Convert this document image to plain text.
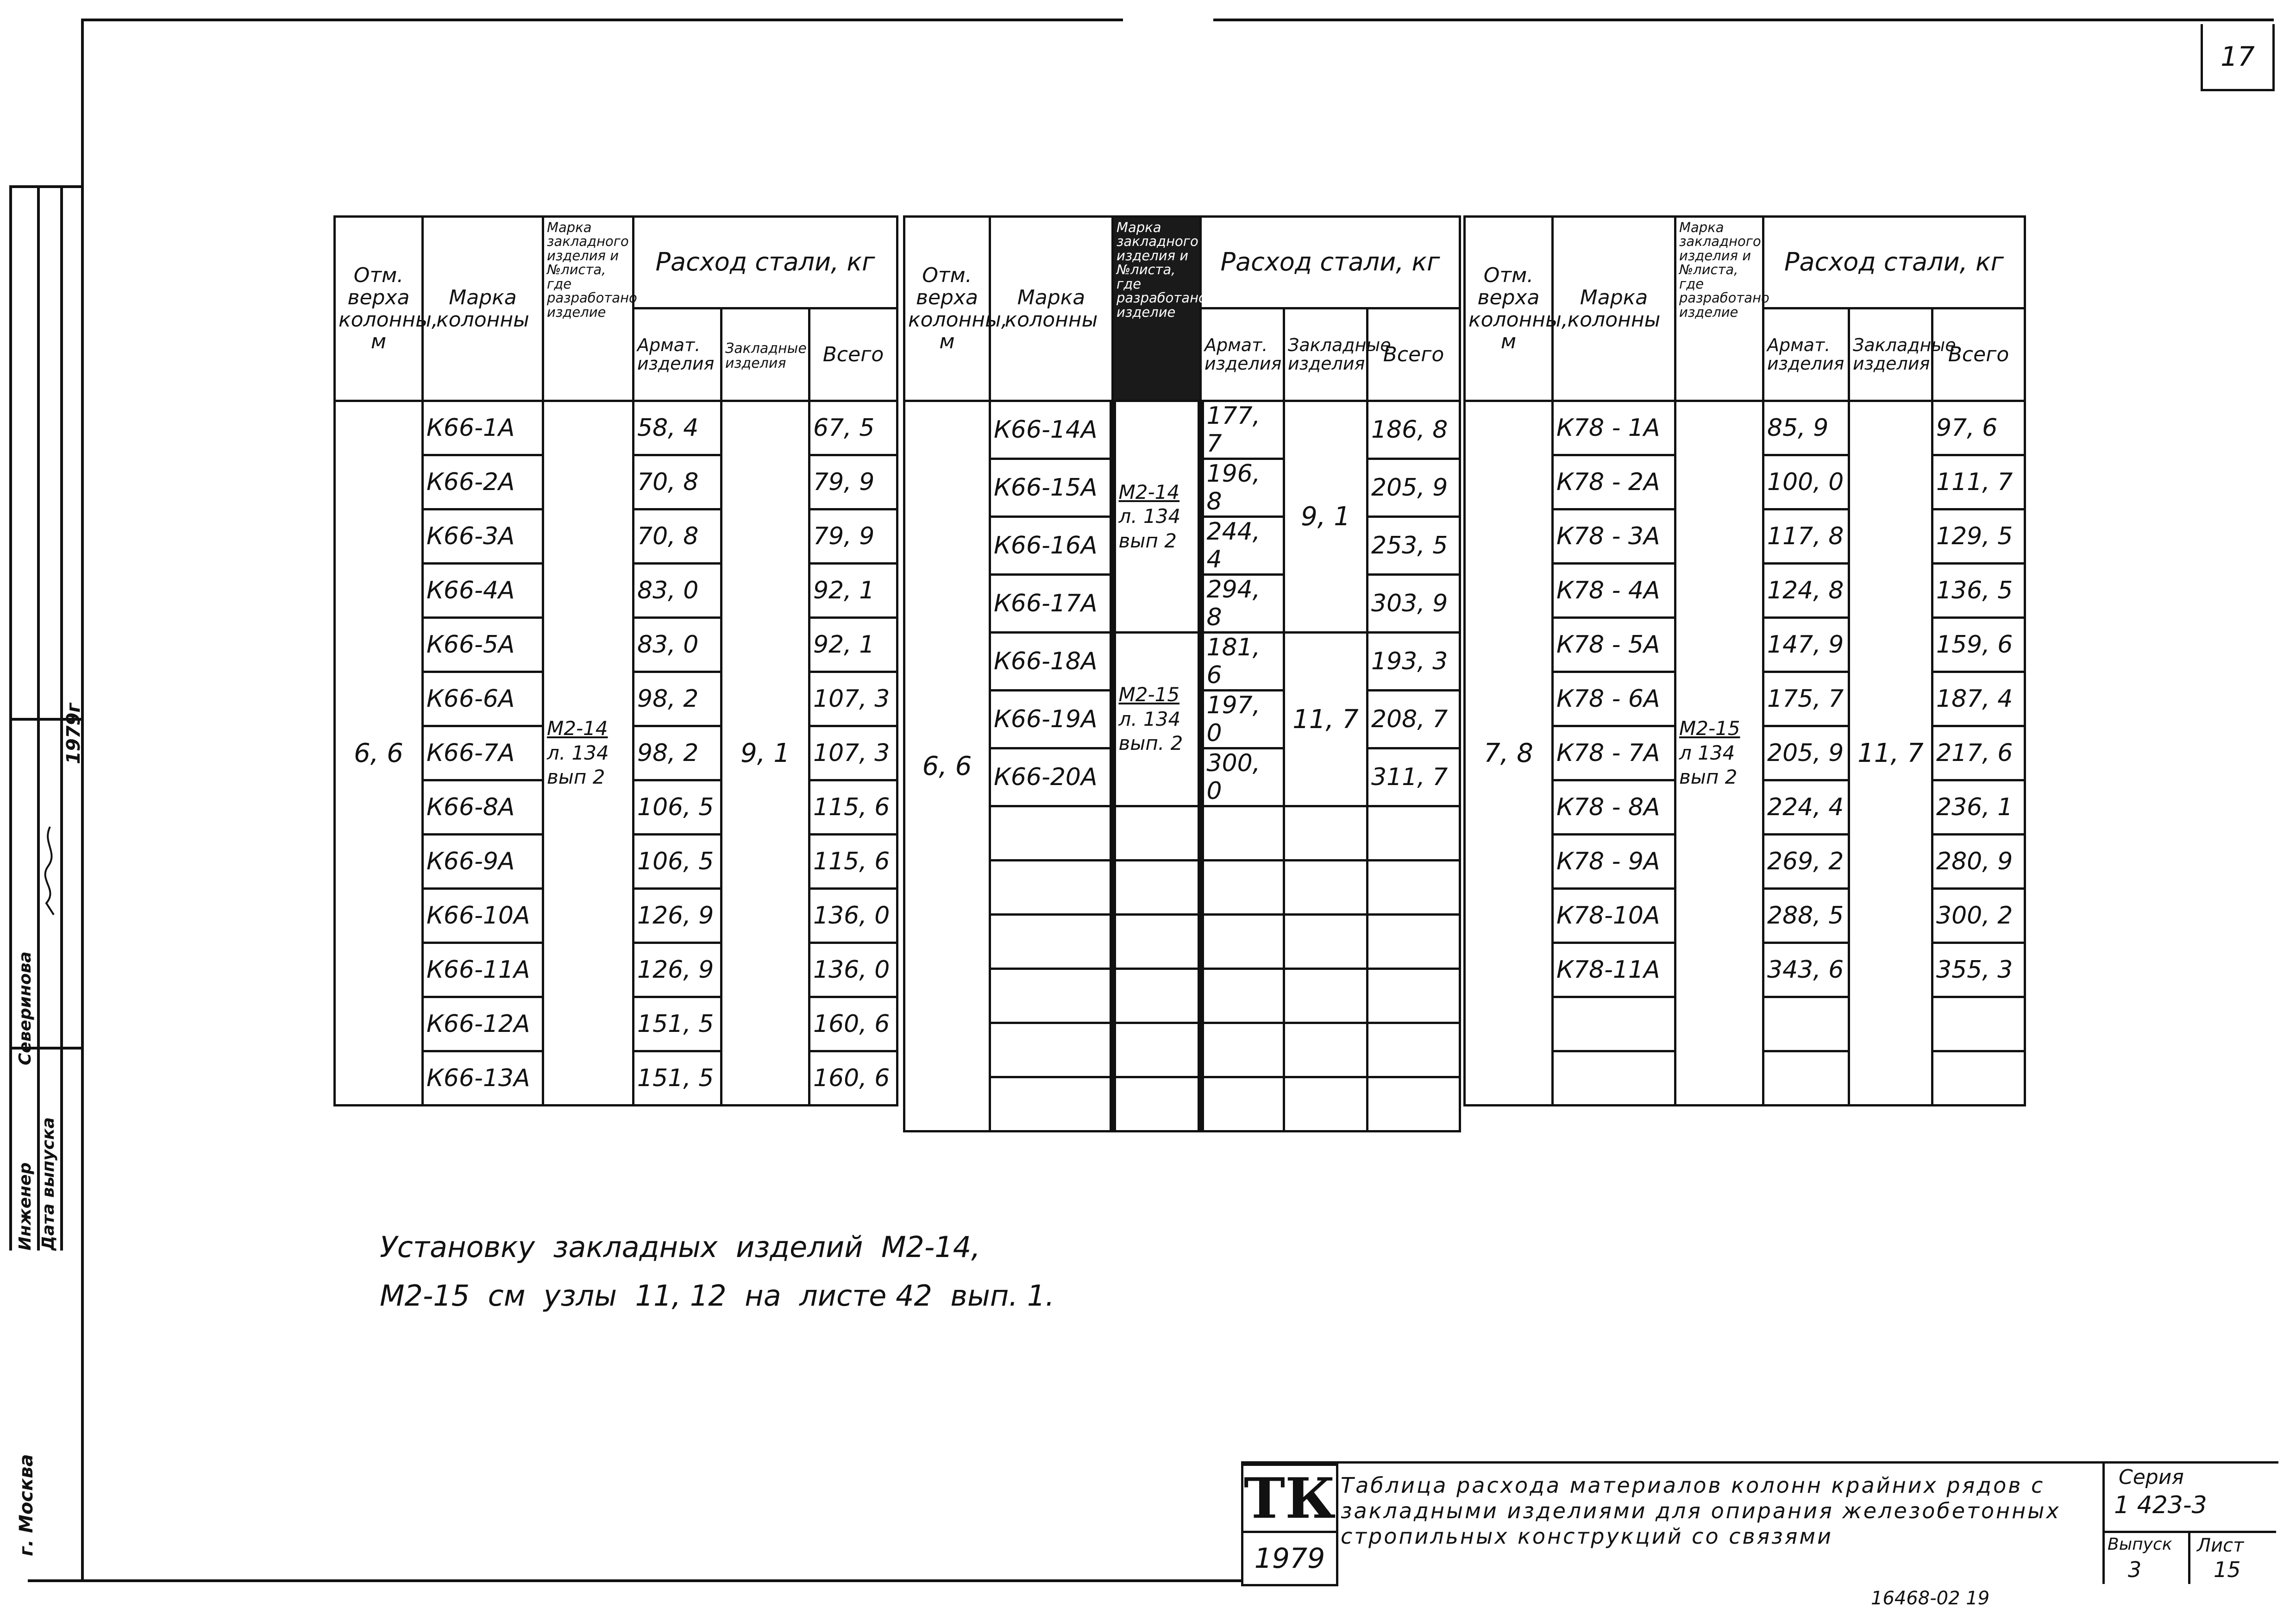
17
Инженер
Северинова
Дата выпуска
1979г
г. Москва
Отм. верха колонны, м	Марка колонны	Марка закладного изделия и №листа, где разработано изделие	Расход стали, кг		
			Армат. изделия	Закладные изделия	Всего
6, 6	К66-1А	М2-14
л. 134
вып 2	58, 4	9, 1	67, 5
	К66-2А		70, 8		79, 9
	К66-3А		70, 8		79, 9
	К66-4А		83, 0		92, 1
	К66-5А		83, 0		92, 1
	К66-6А		98, 2		107, 3
	К66-7А		98, 2		107, 3
	К66-8А		106, 5		115, 6
	К66-9А		106, 5		115, 6
	К66-10А		126, 9		136, 0
	К66-11А		126, 9		136, 0
	К66-12А		151, 5		160, 6
	К66-13А		151, 5		160, 6
Отм. верха колонны, м	Марка колонны	Марка закладного изделия и №листа, где разработано изделие	Расход стали, кг		
			Армат. изделия	Закладные изделия	Всего
6, 6	К66-14А	М2-14
л. 134
вып 2	177, 7	9, 1	186, 8
	К66-15А		196, 8		205, 9
	К66-16А		244, 4		253, 5
	К66-17А		294, 8		303, 9
	К66-18А	М2-15
л. 134
вып. 2	181, 6	11, 7	193, 3
	К66-19А		197, 0		208, 7
	К66-20А		300, 0		311, 7

Отм. верха колонны, м	Марка колонны	Марка закладного изделия и №листа, где разработано изделие	Расход стали, кг		
			Армат. изделия	Закладные изделия	Всего
7, 8	К78 - 1А	М2-15
л 134
вып 2	85, 9	11, 7	97, 6
	К78 - 2А		100, 0		111, 7
	К78 - 3А		117, 8		129, 5
	К78 - 4А		124, 8		136, 5
	К78 - 5А		147, 9		159, 6
	К78 - 6А		175, 7		187, 4
	К78 - 7А		205, 9		217, 6
	К78 - 8А		224, 4		236, 1
	К78 - 9А		269, 2		280, 9
	К78-10А		288, 5		300, 2
	К78-11А		343, 6		355, 3

Установку  закладных  изделий  М2-14,
М2-15  см  узлы  11, 12  на  листе 42  вып. 1.
ТК
1979
Таблица расхода материалов колонн крайних рядов с закладными изделиями для опирания железобетонных стропильных конструкций со связями
Серия
1 423-3
Выпуск
3
Лист
15
16468-02 19
